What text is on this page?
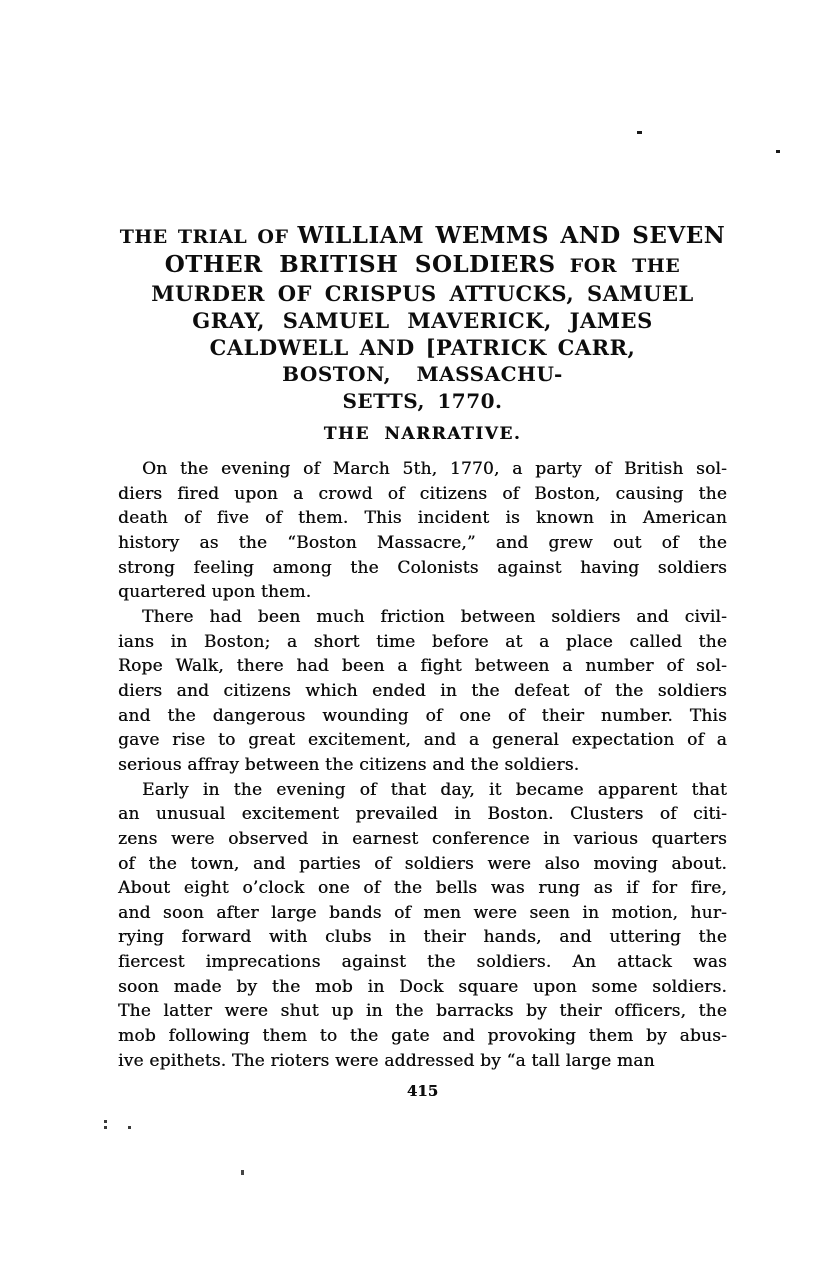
THE TRIAL OF WILLIAM WEMMS AND SEVEN
OTHER BRITISH SOLDIERS FOR THE
MURDER OF CRISPUS ATTUCKS, SAMUEL
GRAY, SAMUEL MAVERICK, JAMES
CALDWELL AND [PATRICK CARR,
BOSTON, MASSACHU-
SETTS, 1770.
THE NARRATIVE.
On the evening of March 5th, 1770, a party of British sol-
diers fired upon a crowd of citizens of Boston, causing the
death of five of them. This incident is known in American
history as the “Boston Massacre,” and grew out of the
strong feeling among the Colonists against having soldiers
quartered upon them.
There had been much friction between soldiers and civil-
ians in Boston; a short time before at a place called the
Rope Walk, there had been a fight between a number of sol-
diers and citizens which ended in the defeat of the soldiers
and the dangerous wounding of one of their number. This
gave rise to great excitement, and a general expectation of a
serious affray between the citizens and the soldiers.
Early in the evening of that day, it became apparent that
an unusual excitement prevailed in Boston. Clusters of citi-
zens were observed in earnest conference in various quarters
of the town, and parties of soldiers were also moving about.
About eight o’clock one of the bells was rung as if for fire,
and soon after large bands of men were seen in motion, hur-
rying forward with clubs in their hands, and uttering the
fiercest imprecations against the soldiers. An attack was
soon made by the mob in Dock square upon some soldiers.
The latter were shut up in the barracks by their officers, the
mob following them to the gate and provoking them by abus-
ive epithets. The rioters were addressed by “a tall large man
415
